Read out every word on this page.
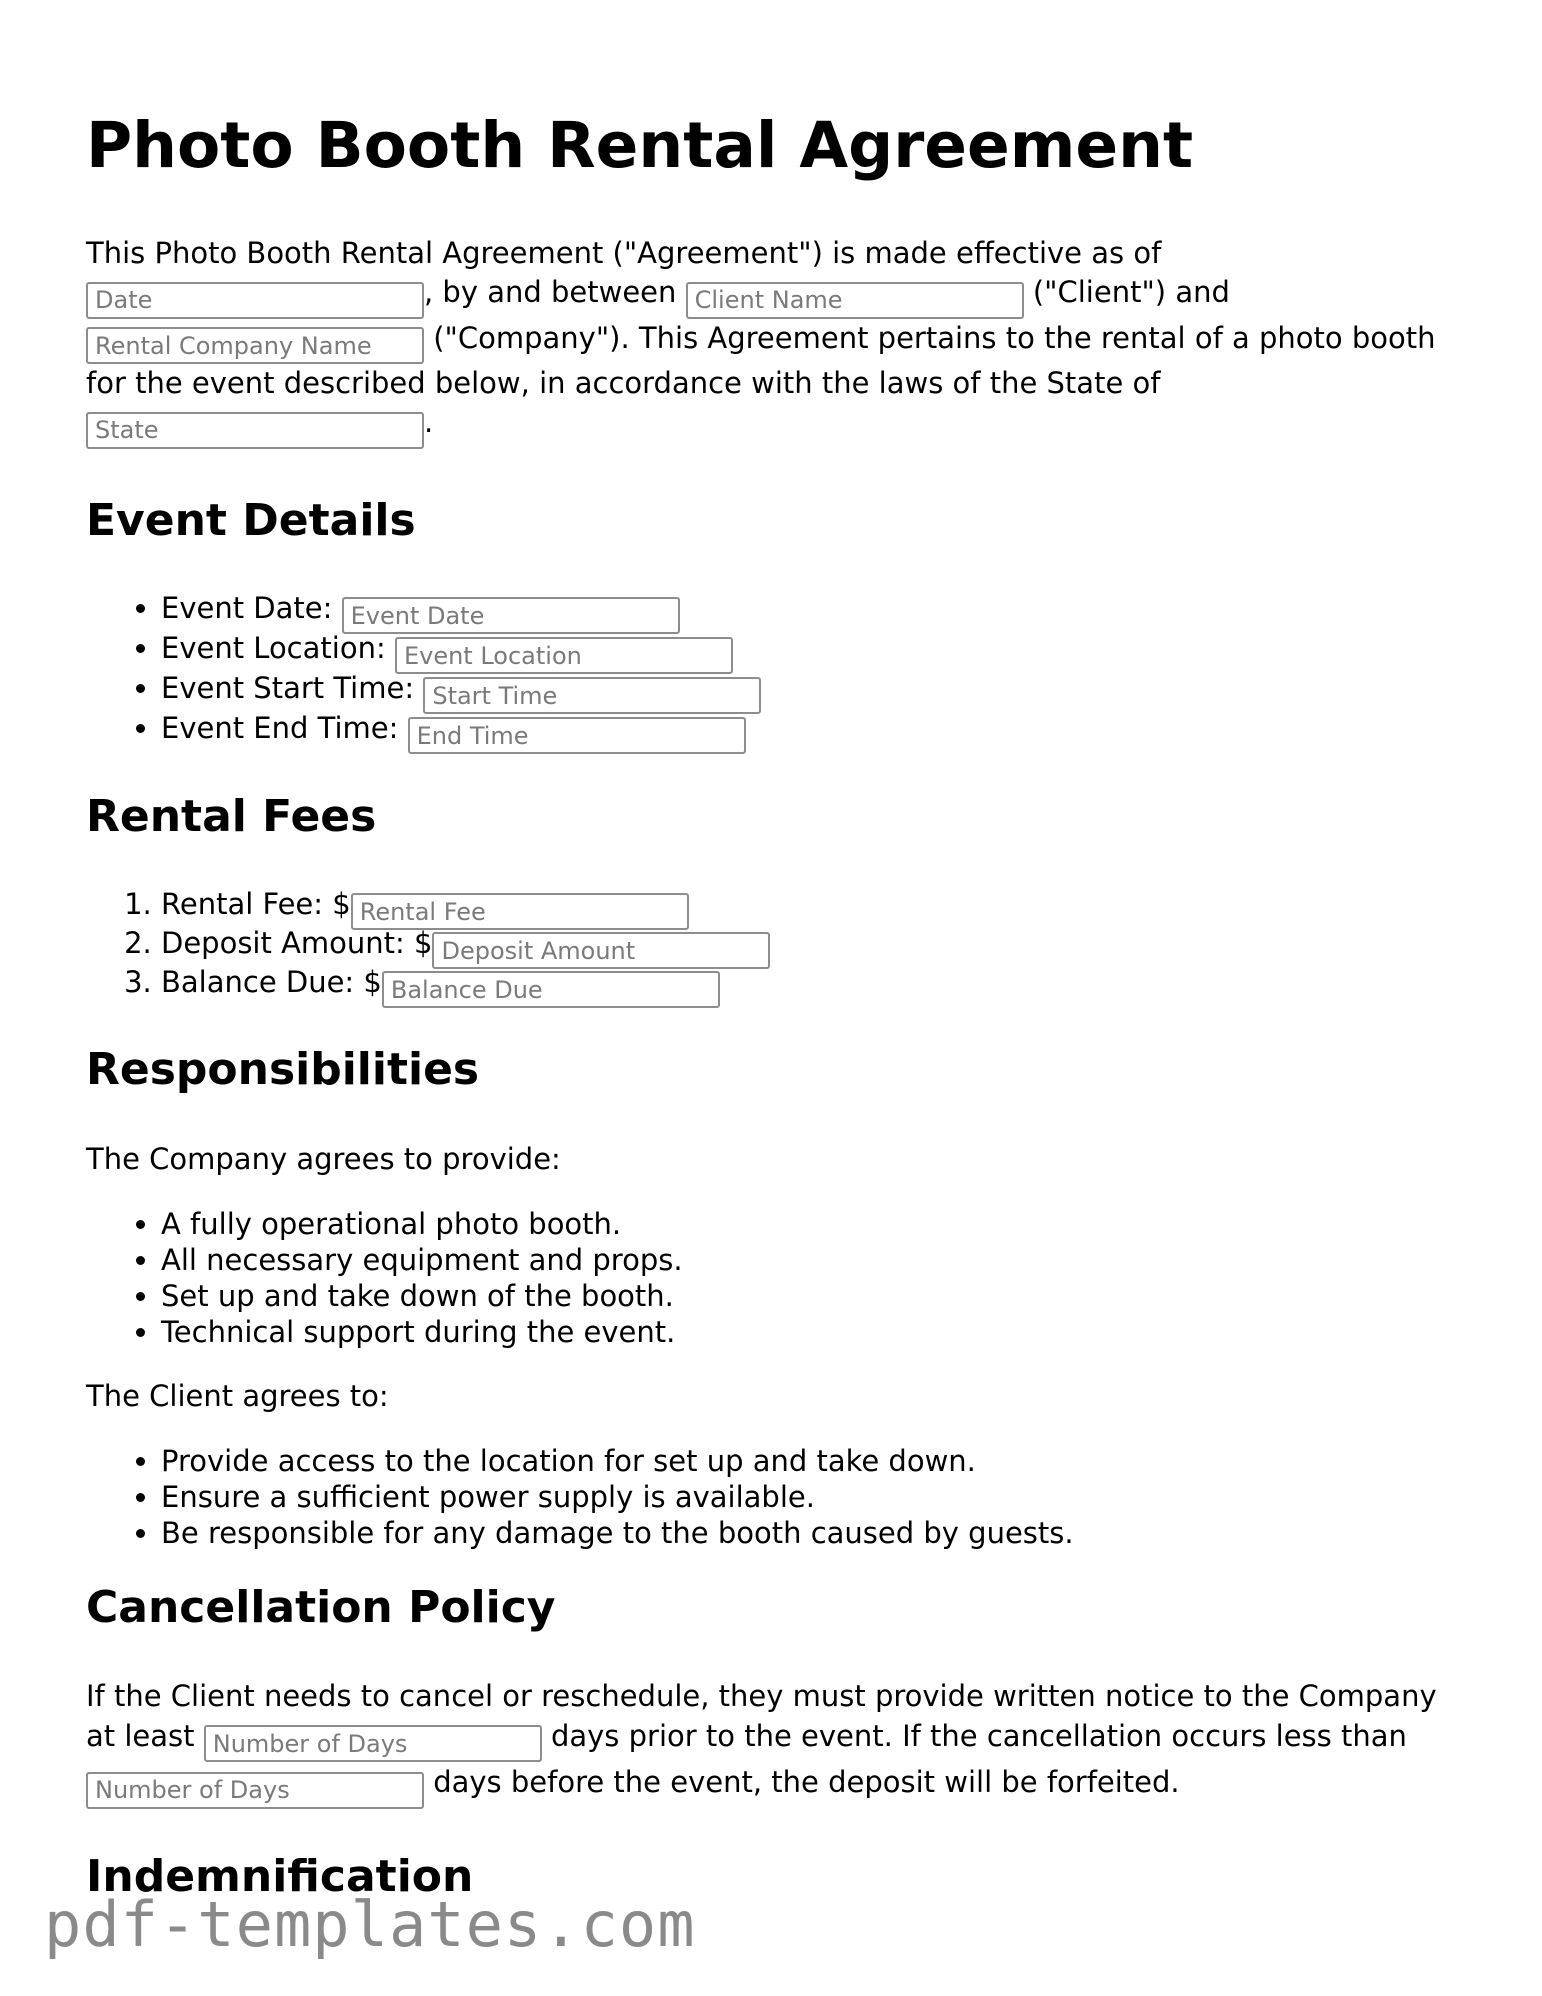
Photo Booth Rental Agreement

This Photo Booth Rental Agreement ("Agreement") is made effective as of
Date, by and between Client Name	("Client") and
Rental Company Name ("Company"). This Agreement pertains to the rental of a photo booth for the event described below, in accordance with the laws of the State of
State.

Event Details
• Event Date: Event Date
• Event Location: Event Location
• Event Start Time: Start Time
• Event End Time: End Time
Rental Fees
1. Rental Fee: $Rental Fee
2. Deposit Amount: $Deposit Amount
3. Balance Due: $Balance Due
Responsibilities

The Company agrees to provide:

• A fully operational photo booth.
• All necessary equipment and props.
• Set up and take down of the booth.
• Technical support during the event.

The Client agrees to:

• Provide access to the location for set up and take down.
• Ensure a sufficient power supply is available.
• Be responsible for any damage to the booth caused by guests.
Cancellation Policy

If the Client needs to cancel or reschedule, they must provide written notice to the Company at least Number of Days	days prior to the event. If the cancellation occurs less than Number of Days days before the event, the deposit will be forfeited.

Indemnification
pdf-templates.com
